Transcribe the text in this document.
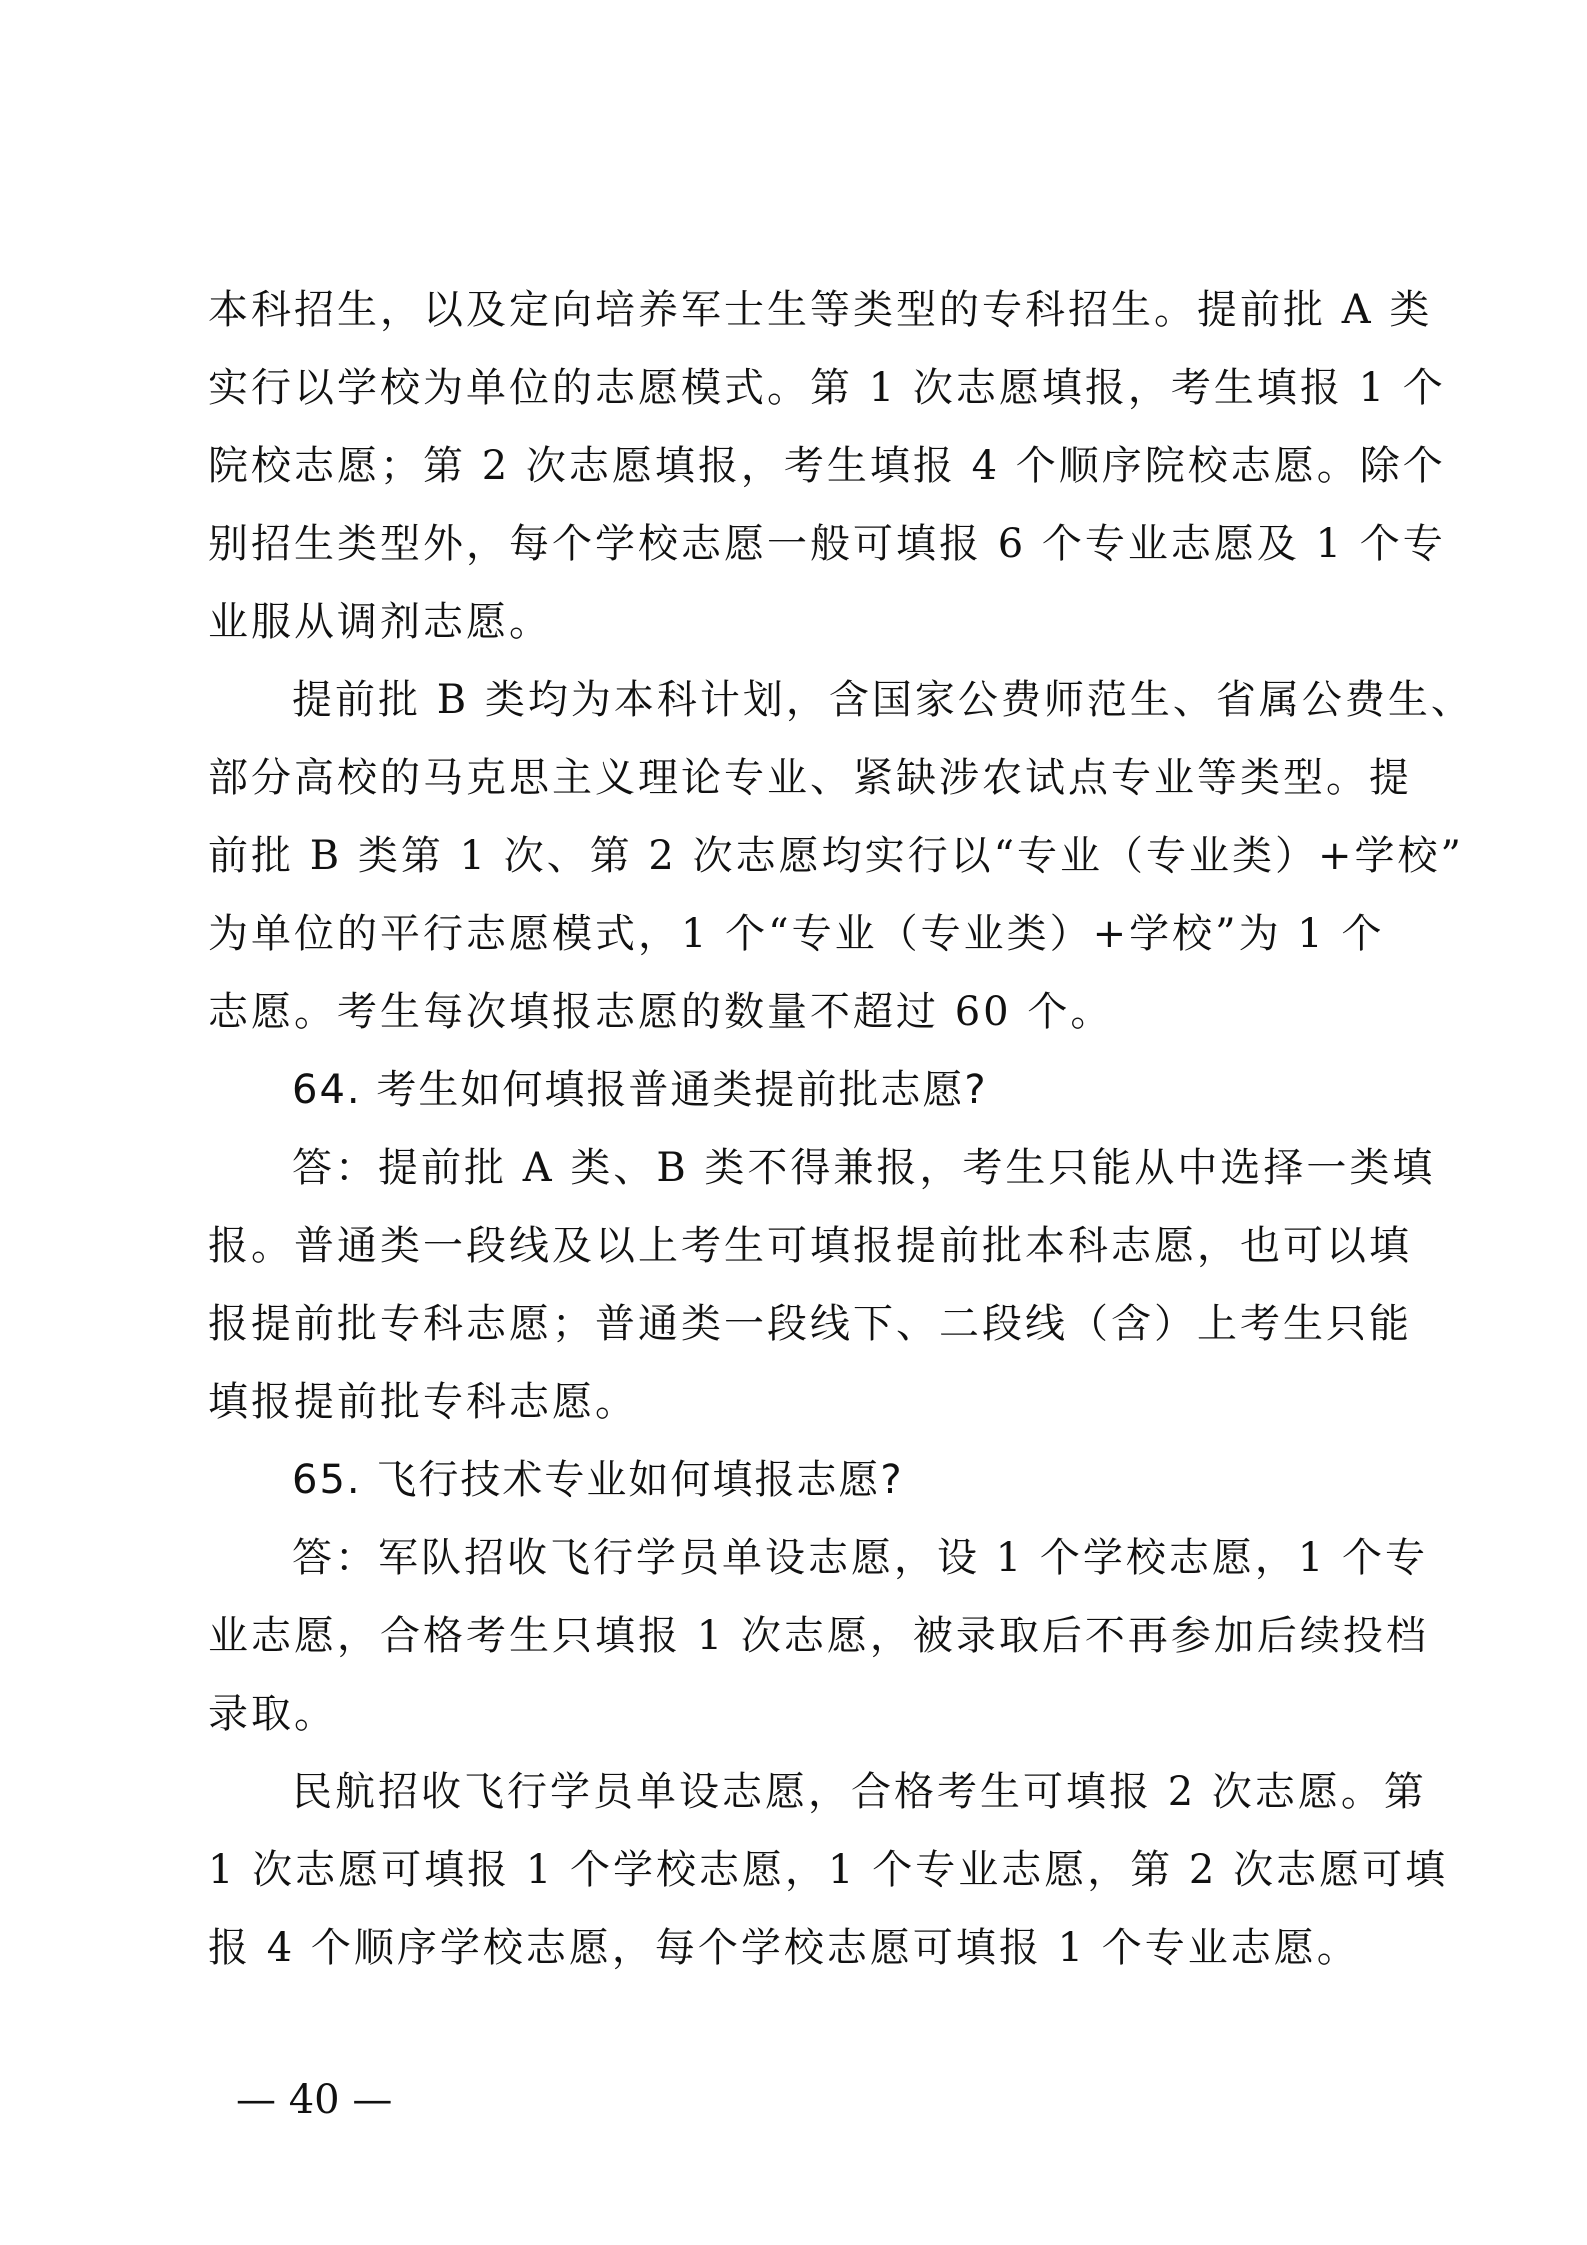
本科招生，以及定向培养军士生等类型的专科招生。提前批 A 类
实行以学校为单位的志愿模式。第 1 次志愿填报，考生填报 1 个
院校志愿；第 2 次志愿填报，考生填报 4 个顺序院校志愿。除个
别招生类型外，每个学校志愿一般可填报 6 个专业志愿及 1 个专
业服从调剂志愿。
提前批 B 类均为本科计划，含国家公费师范生、省属公费生、
部分高校的马克思主义理论专业、紧缺涉农试点专业等类型。提
前批 B 类第 1 次、第 2 次志愿均实行以“专业（专业类）+学校”
为单位的平行志愿模式，1 个“专业（专业类）+学校”为 1 个
志愿。考生每次填报志愿的数量不超过 60 个。
64. 考生如何填报普通类提前批志愿?
答：提前批 A 类、B 类不得兼报，考生只能从中选择一类填
报。普通类一段线及以上考生可填报提前批本科志愿，也可以填
报提前批专科志愿；普通类一段线下、二段线（含）上考生只能
填报提前批专科志愿。
65. 飞行技术专业如何填报志愿?
答：军队招收飞行学员单设志愿，设 1 个学校志愿，1 个专
业志愿，合格考生只填报 1 次志愿，被录取后不再参加后续投档
录取。
民航招收飞行学员单设志愿，合格考生可填报 2 次志愿。第
1 次志愿可填报 1 个学校志愿，1 个专业志愿，第 2 次志愿可填
报 4 个顺序学校志愿，每个学校志愿可填报 1 个专业志愿。
— 40 —
